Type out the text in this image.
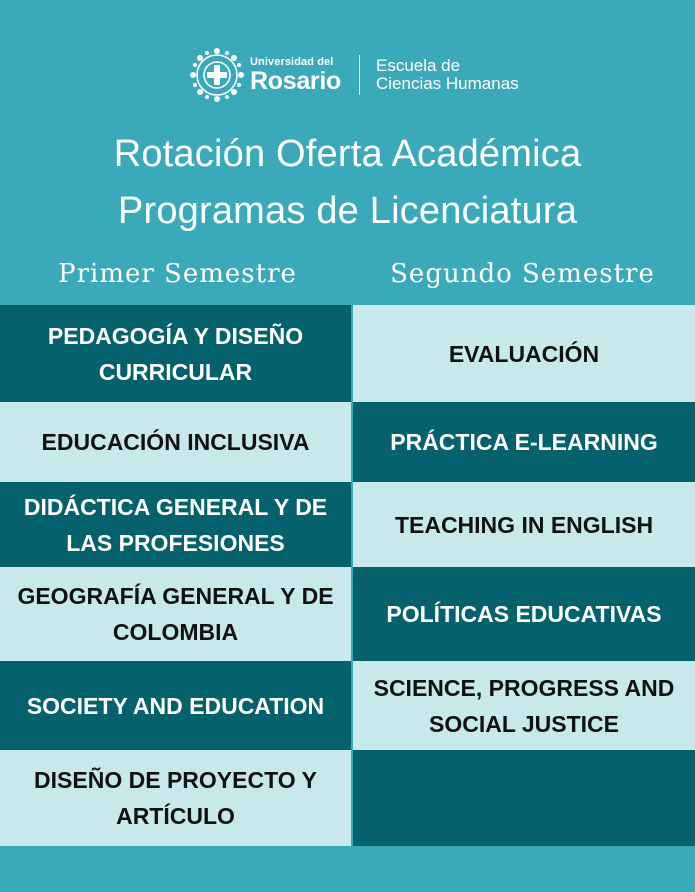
Universidad del
Rosario
Escuela de
Ciencias Humanas
Rotación Oferta Académica
Programas de Licenciatura
Primer Semestre	Segundo Semestre
PEDAGOGÍA Y DISEÑO
CURRICULAR
EDUCACIÓN INCLUSIVA
DIDÁCTICA GENERAL Y DE
LAS PROFESIONES
GEOGRAFÍA GENERAL Y DE
COLOMBIA
SOCIETY AND EDUCATION
DISEÑO DE PROYECTO Y
ARTÍCULO
EVALUACIÓN
PRÁCTICA E-LEARNING
TEACHING IN ENGLISH
POLÍTICAS EDUCATIVAS
SCIENCE, PROGRESS AND
SOCIAL JUSTICE
